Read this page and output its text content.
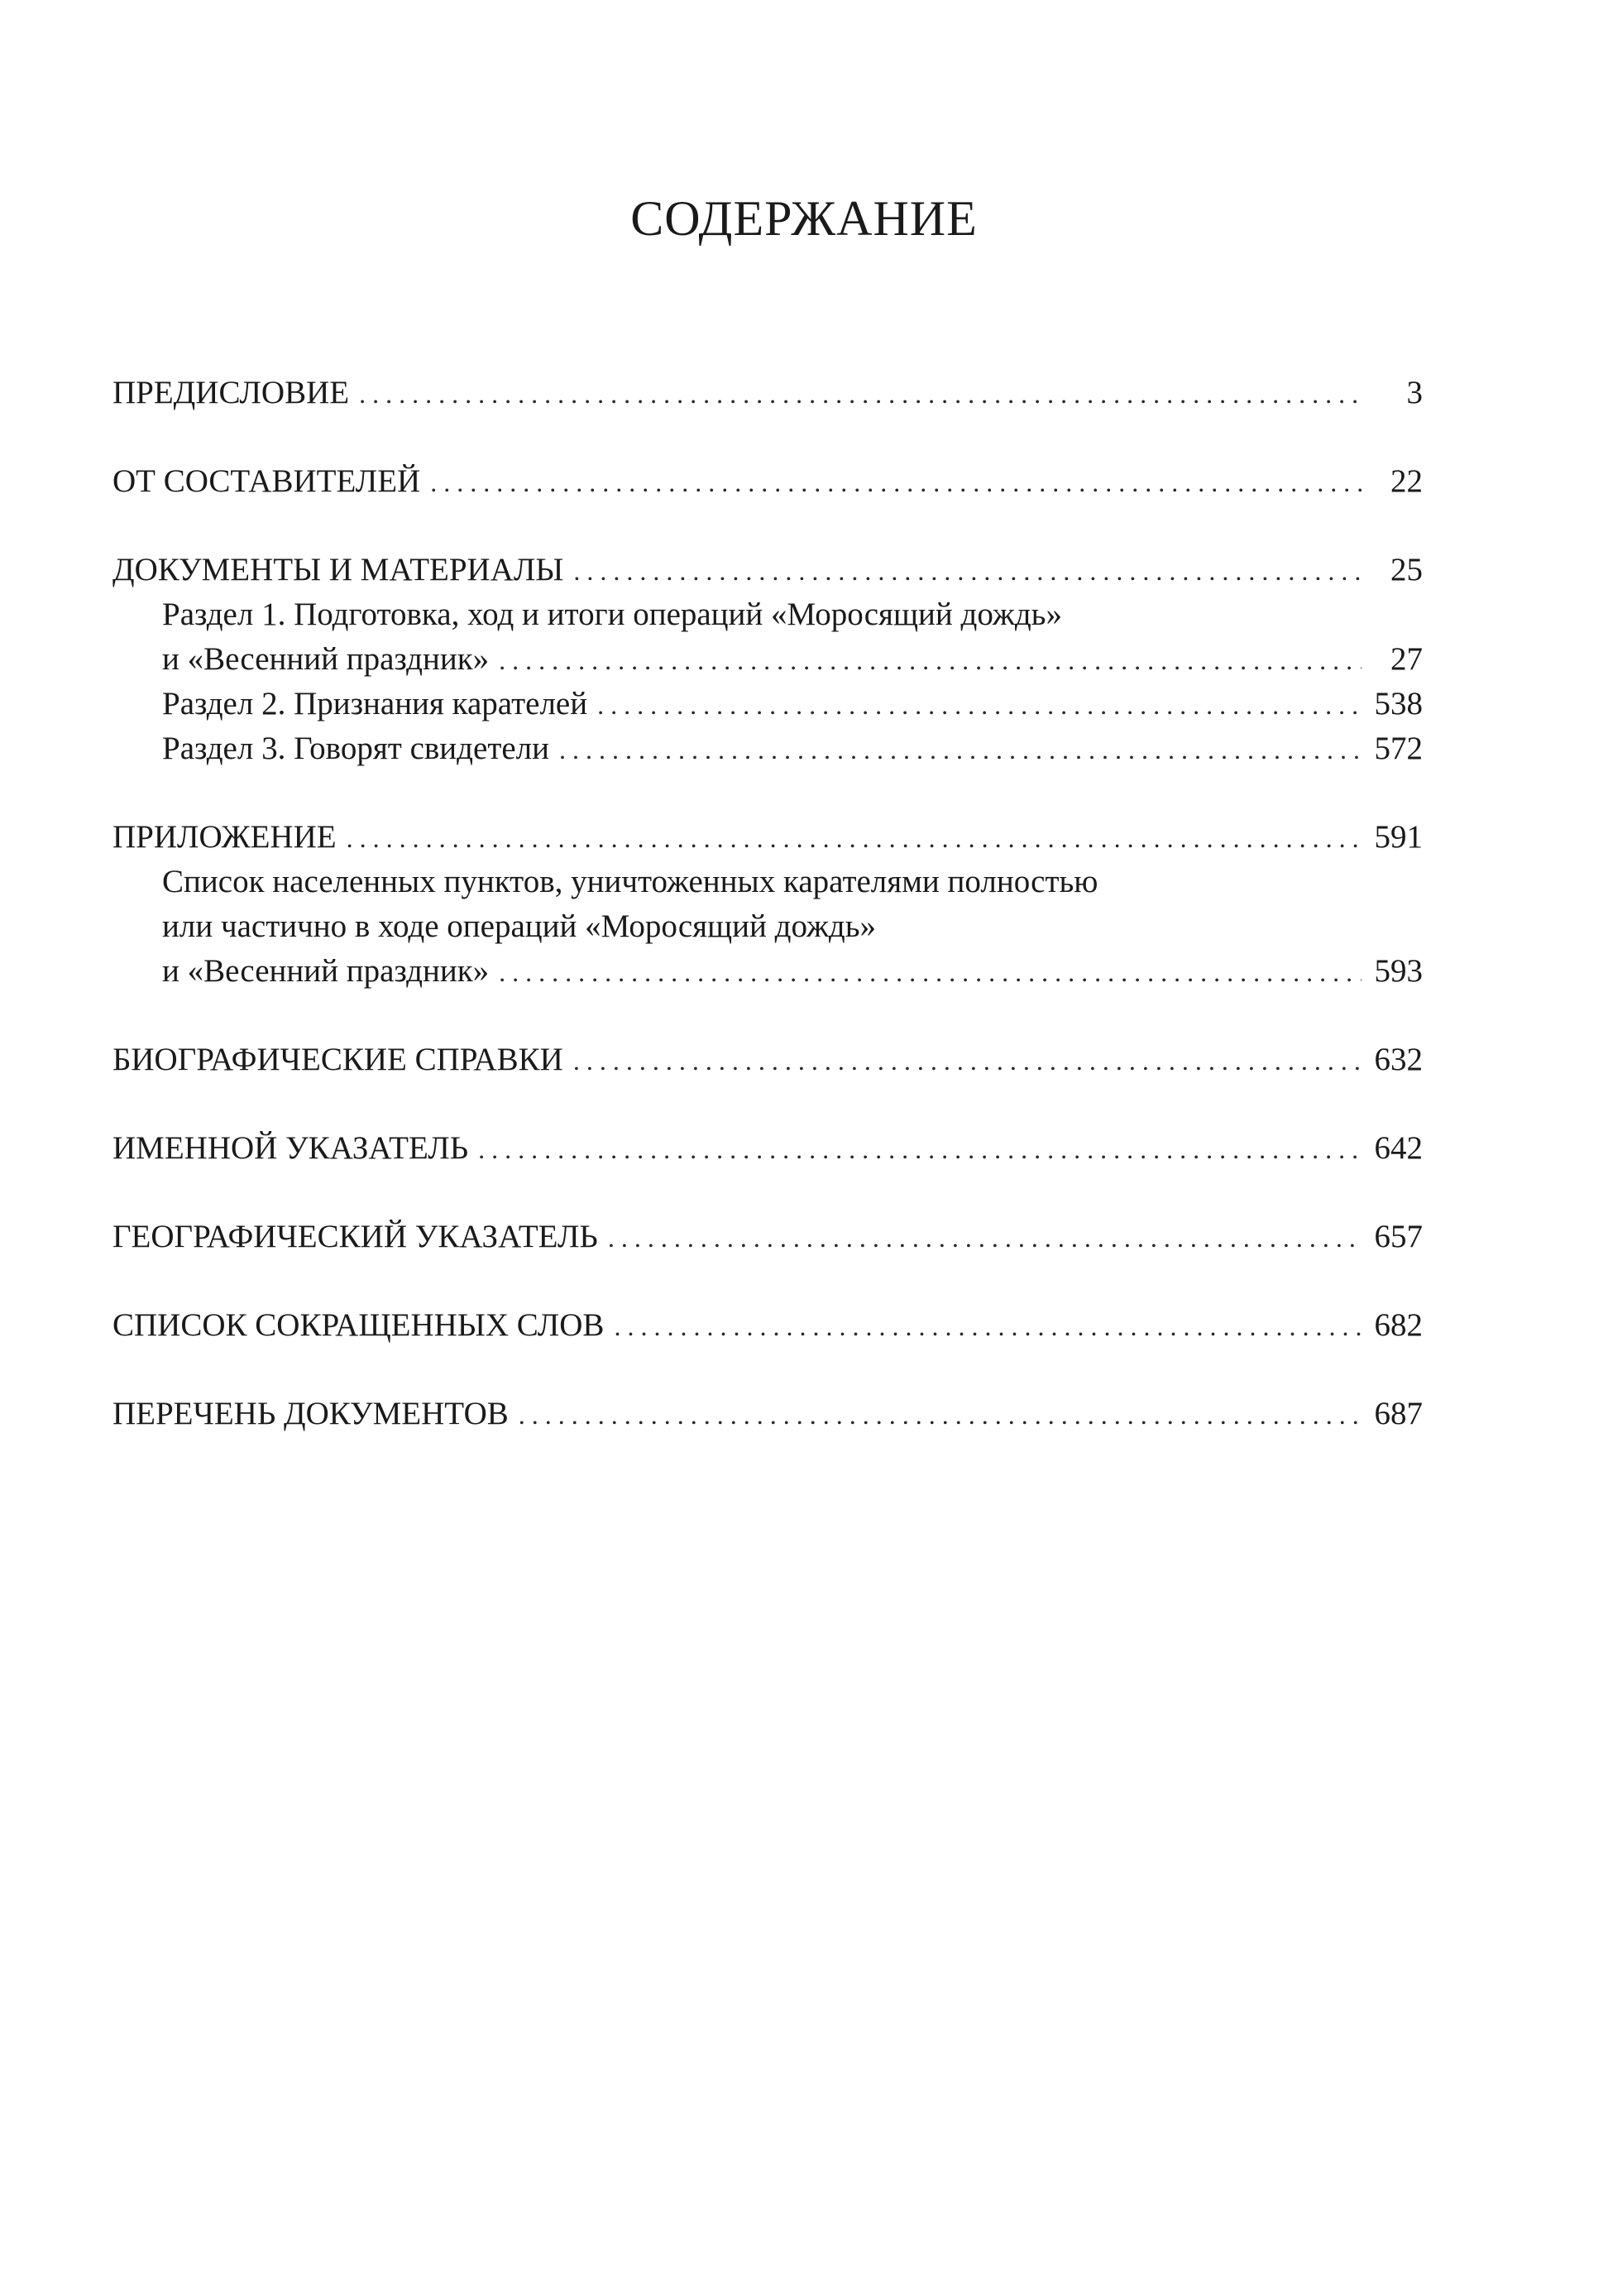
СОДЕРЖАНИЕ
ПРЕДИСЛОВИЕ . . .	3
ОТ СОСТАВИТЕЛЕЙ . . .	22
ДОКУМЕНТЫ И МАТЕРИАЛЫ . . .	25
Раздел 1. Подготовка, ход и итоги операций «Моросящий дождь»
и «Весенний праздник» . . .	27
Раздел 2. Признания карателей . . .	538
Раздел 3. Говорят свидетели . . .	572
ПРИЛОЖЕНИЕ . . .	591
Список населенных пунктов, уничтоженных карателями полностью
или частично в ходе операций «Моросящий дождь»
и «Весенний праздник» . . .	593
БИОГРАФИЧЕСКИЕ СПРАВКИ . . .	632
ИМЕННОЙ УКАЗАТЕЛЬ . . .	642
ГЕОГРАФИЧЕСКИЙ УКАЗАТЕЛЬ . . .	657
СПИСОК СОКРАЩЕННЫХ СЛОВ . . .	682
ПЕРЕЧЕНЬ ДОКУМЕНТОВ . . .	687
